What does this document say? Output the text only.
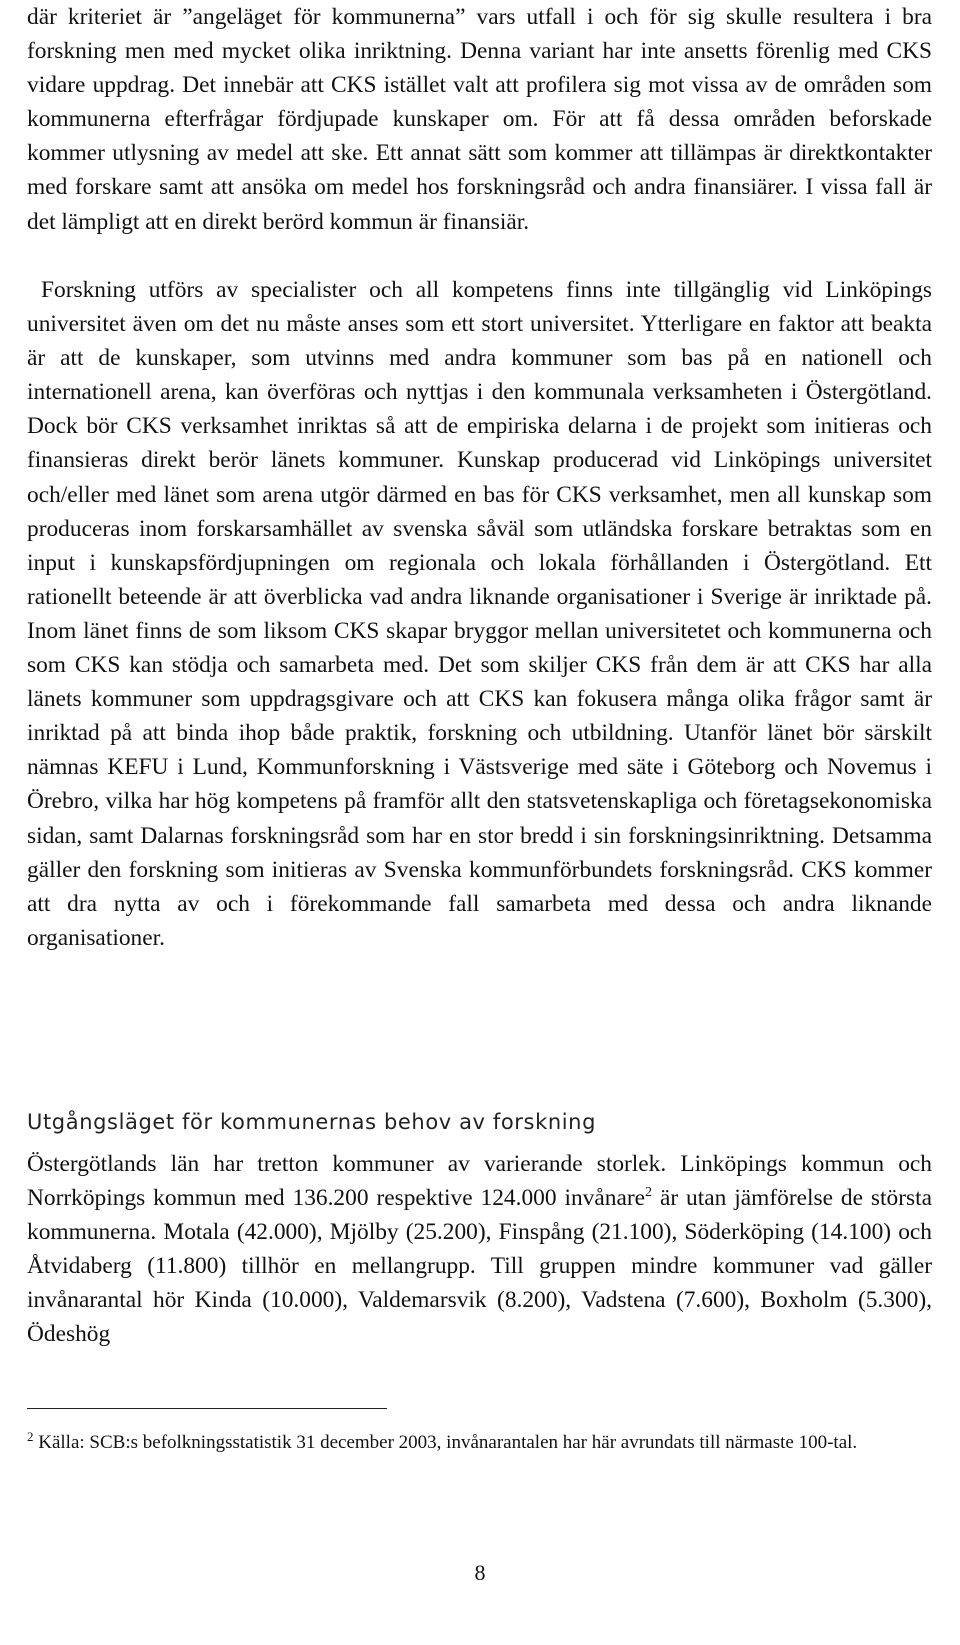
där kriteriet är ”angeläget för kommunerna” vars utfall i och för sig skulle resultera i bra forskning men med mycket olika inriktning. Denna variant har inte ansetts förenlig med CKS vidare uppdrag. Det innebär att CKS istället valt att profilera sig mot vissa av de områden som kommunerna efterfrågar fördjupade kunskaper om. För att få dessa områden beforskade kommer utlysning av medel att ske. Ett annat sätt som kommer att tillämpas är direktkontakter med forskare samt att ansöka om medel hos forskningsråd och andra finansiärer. I vissa fall är det lämpligt att en direkt berörd kommun är finansiär.

Forskning utförs av specialister och all kompetens finns inte tillgänglig vid Linköpings universitet även om det nu måste anses som ett stort universitet. Ytterligare en faktor att beakta är att de kunskaper, som utvinns med andra kommuner som bas på en nationell och internationell arena, kan överföras och nyttjas i den kommunala verksamheten i Östergötland. Dock bör CKS verksamhet inriktas så att de empiriska delarna i de projekt som initieras och finansieras direkt berör länets kommuner. Kunskap producerad vid Linköpings universitet och/eller med länet som arena utgör därmed en bas för CKS verksamhet, men all kunskap som produceras inom forskarsamhället av svenska såväl som utländska forskare betraktas som en input i kunskapsfördjupningen om regionala och lokala förhållanden i Östergötland. Ett rationellt beteende är att överblicka vad andra liknande organisationer i Sverige är inriktade på. Inom länet finns de som liksom CKS skapar bryggor mellan universitetet och kommunerna och som CKS kan stödja och samarbeta med. Det som skiljer CKS från dem är att CKS har alla länets kommuner som uppdragsgivare och att CKS kan fokusera många olika frågor samt är inriktad på att binda ihop både praktik, forskning och utbildning. Utanför länet bör särskilt nämnas KEFU i Lund, Kommunforskning i Västsverige med säte i Göteborg och Novemus i Örebro, vilka har hög kompetens på framför allt den statsvetenskapliga och företagsekonomiska sidan, samt Dalarnas forskningsråd som har en stor bredd i sin forskningsinriktning. Detsamma gäller den forskning som initieras av Svenska kommunförbundets forskningsråd. CKS kommer att dra nytta av och i förekommande fall samarbeta med dessa och andra liknande organisationer.

Utgångsläget för kommunernas behov av forskning

Östergötlands län har tretton kommuner av varierande storlek. Linköpings kommun och Norrköpings kommun med 136.200 respektive 124.000 invånare$^2$ är utan jämförelse de största kommunerna. Motala (42.000), Mjölby (25.200), Finspång (21.100), Söderköping (14.100) och Åtvidaberg (11.800) tillhör en mellangrupp. Till gruppen mindre kommuner vad gäller invånarantal hör Kinda (10.000), Valdemarsvik (8.200), Vadstena (7.600), Boxholm (5.300), Ödeshög

$^2$ Källa: SCB:s befolkningsstatistik 31 december 2003, invånarantalen har här avrundats till närmaste 100-tal.

8
